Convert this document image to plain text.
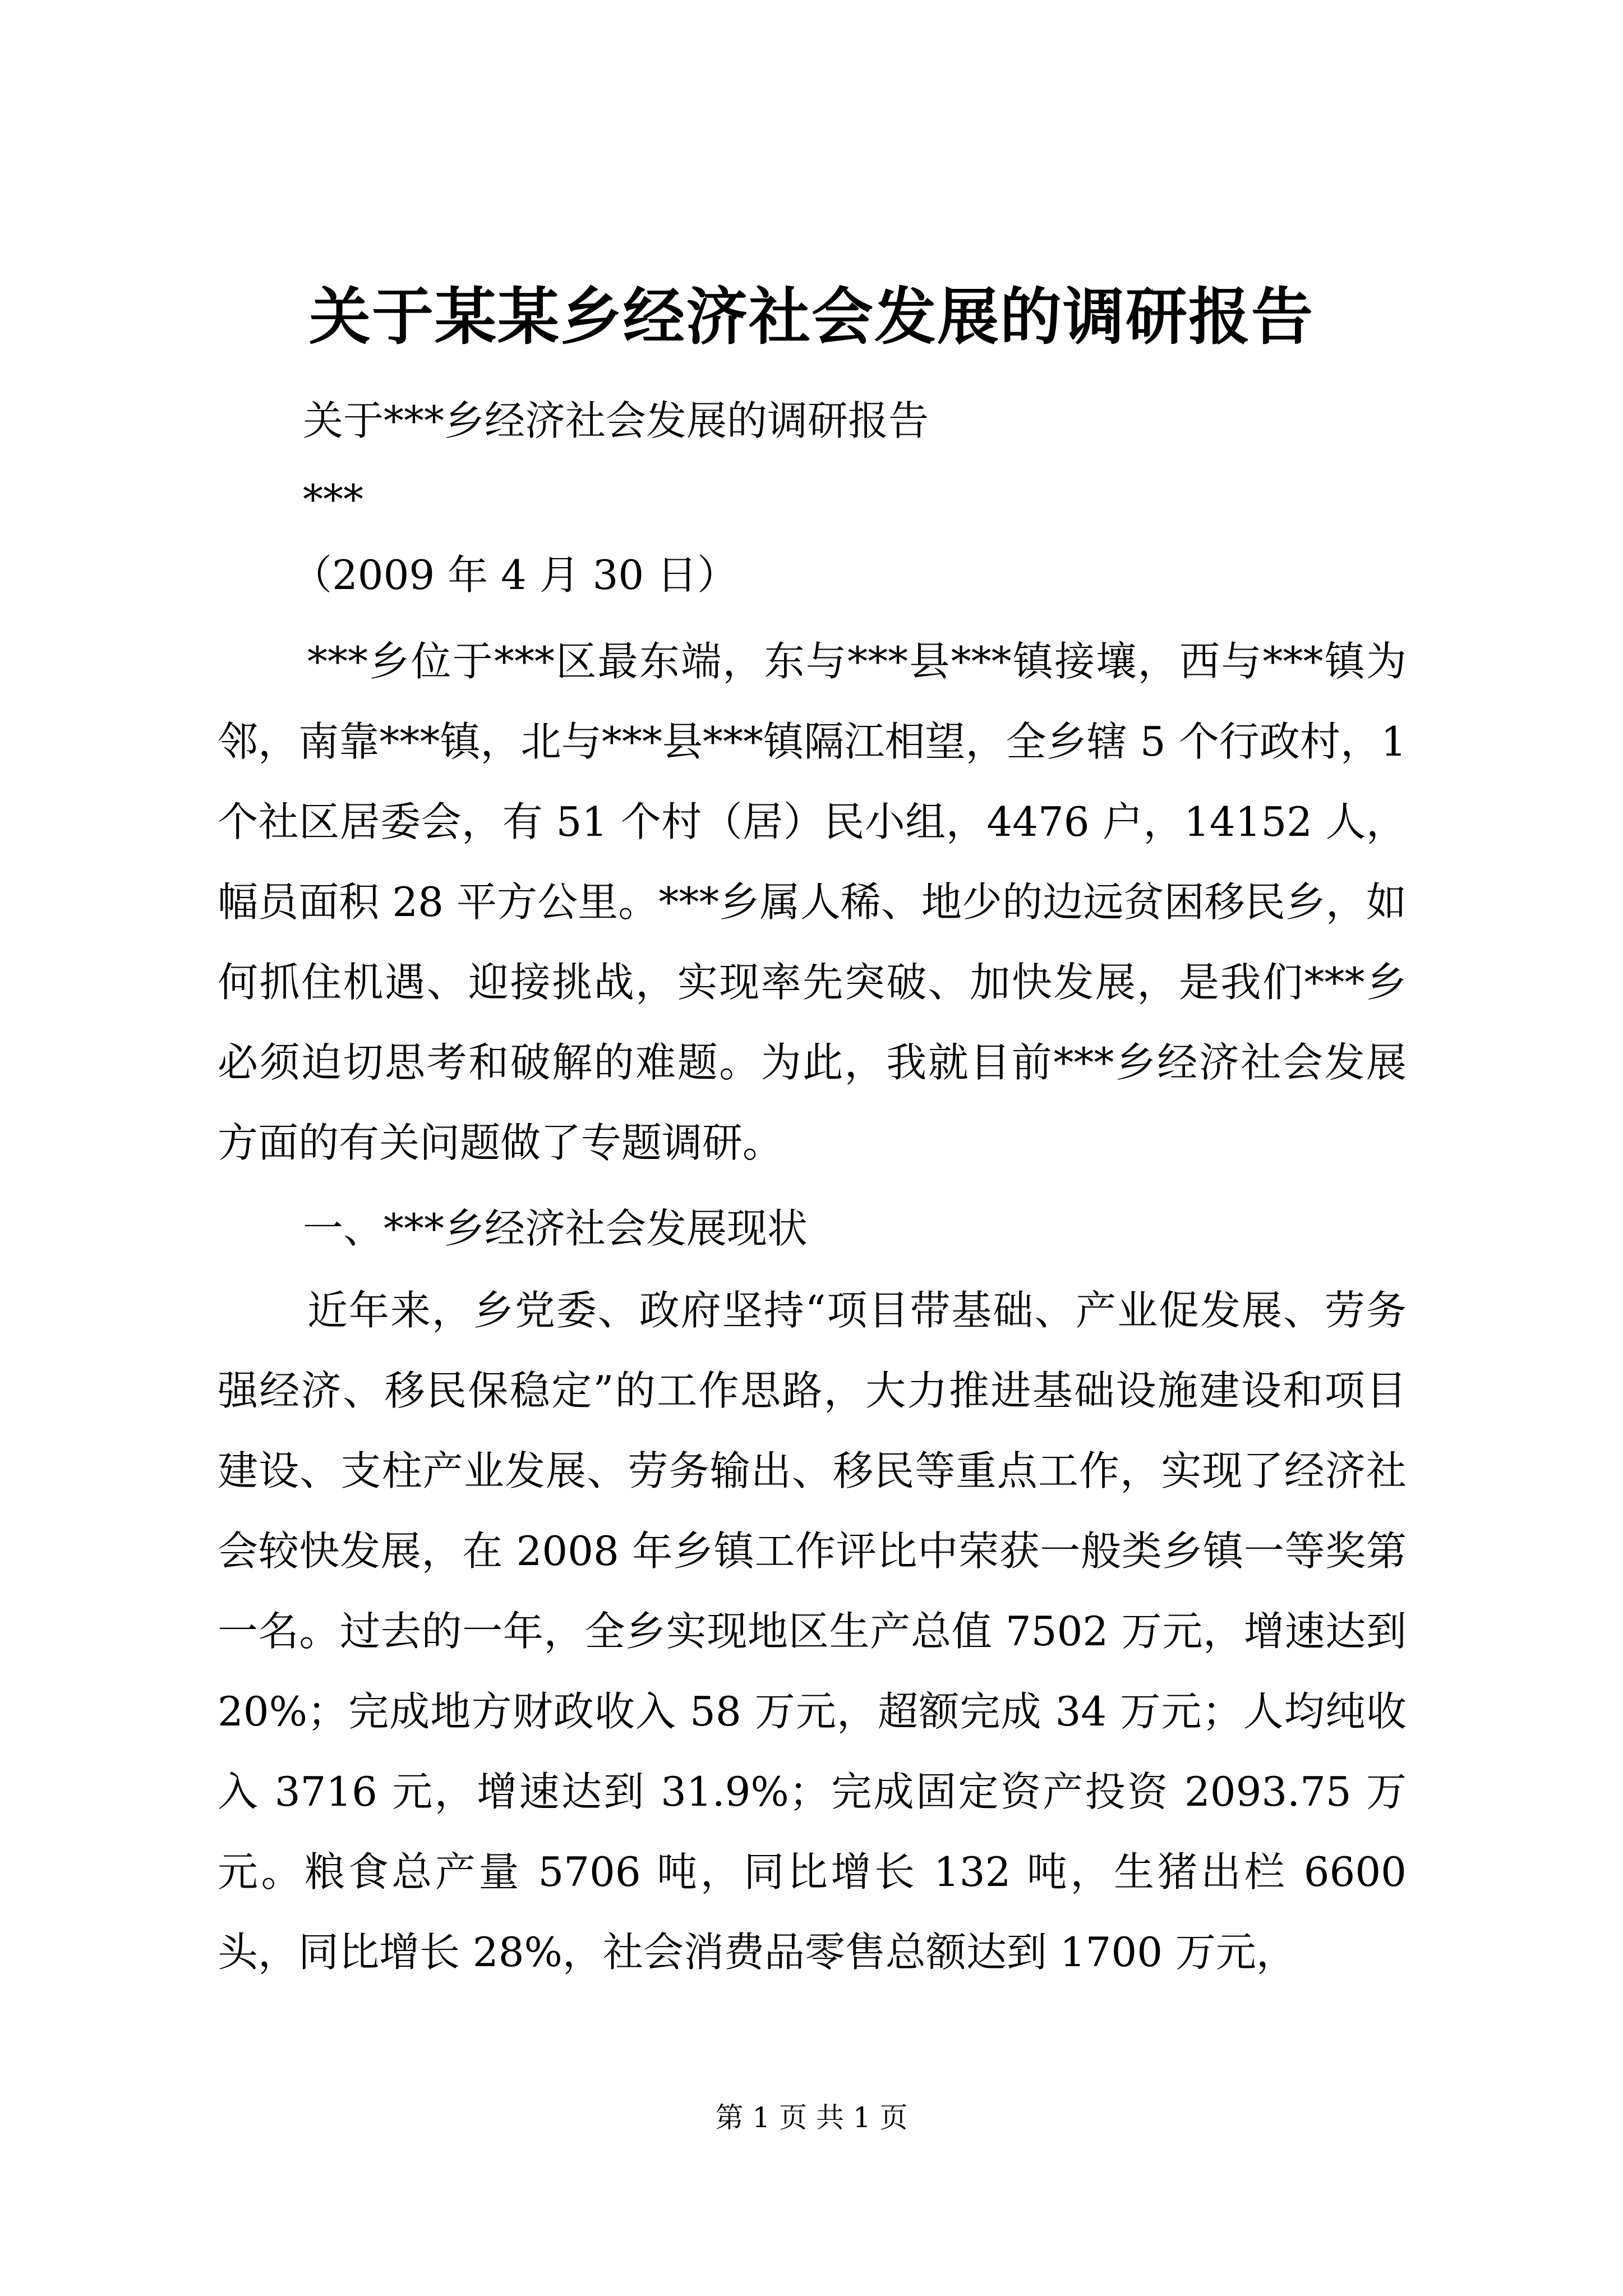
关于某某乡经济社会发展的调研报告
关于***乡经济社会发展的调研报告
***
（2009 年 4 月 30 日）

***乡位于***区最东端，东与***县***镇接壤，西与***镇为邻，南靠***镇，北与***县***镇隔江相望，全乡辖 5 个行政村，1 个社区居委会，有 51 个村（居）民小组，4476 户，14152 人，幅员面积 28 平方公里。***乡属人稀、地少的边远贫困移民乡，如何抓住机遇、迎接挑战，实现率先突破、加快发展，是我们***乡必须迫切思考和破解的难题。为此，我就目前***乡经济社会发展方面的有关问题做了专题调研。

一、***乡经济社会发展现状

近年来，乡党委、政府坚持“项目带基础、产业促发展、劳务强经济、移民保稳定”的工作思路，大力推进基础设施建设和项目建设、支柱产业发展、劳务输出、移民等重点工作，实现了经济社会较快发展，在 2008 年乡镇工作评比中荣获一般类乡镇一等奖第一名。过去的一年，全乡实现地区生产总值 7502 万元，增速达到 20%；完成地方财政收入 58 万元，超额完成 34 万元；人均纯收入 3716 元，增速达到 31.9%；完成固定资产投资 2093.75 万元。粮食总产量 5706 吨，同比增长 132 吨，生猪出栏 6600 头，同比增长 28%，社会消费品零售总额达到 1700 万元，

第 1 页 共 1 页
